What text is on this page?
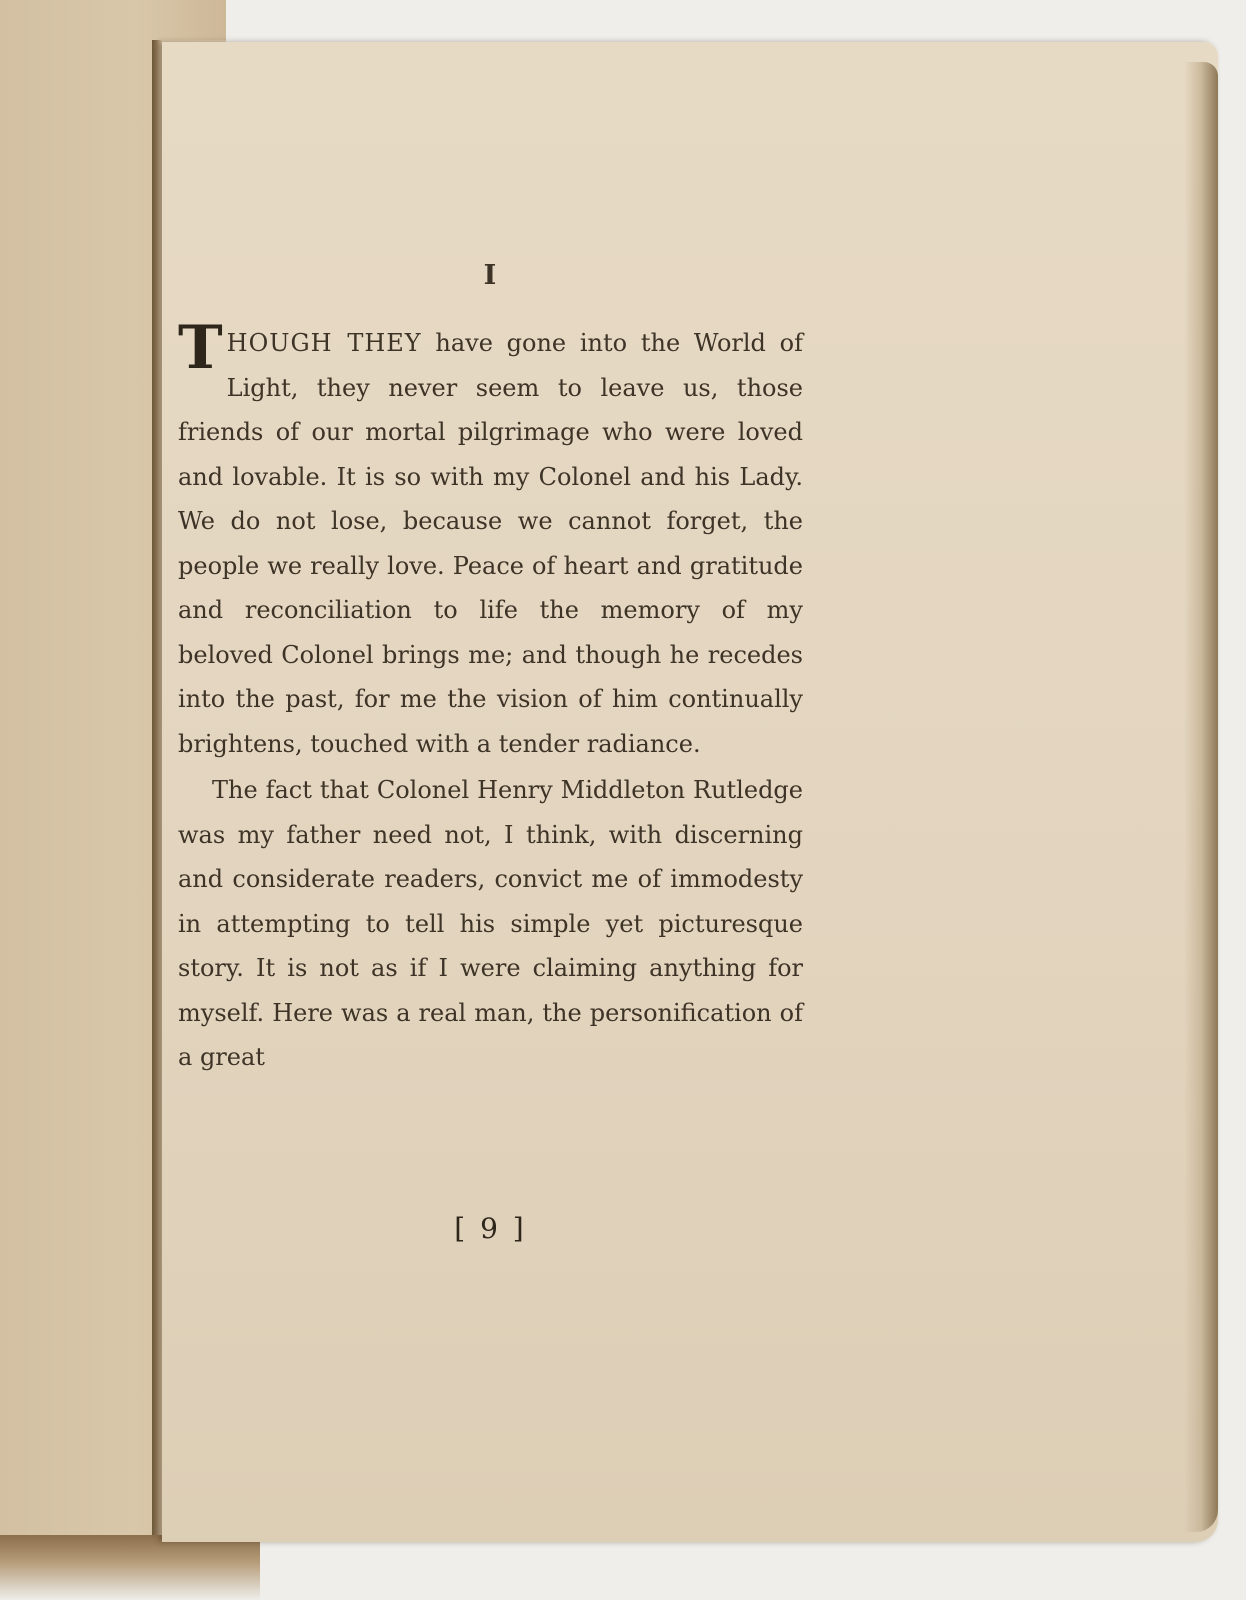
I

THOUGH THEY have gone into the World of Light, they never seem to leave us, those friends of our mortal pilgrimage who were loved and lovable. It is so with my Colonel and his Lady. We do not lose, because we cannot forget, the people we really love. Peace of heart and gratitude and reconciliation to life the memory of my beloved Colonel brings me; and though he recedes into the past, for me the vision of him continually brightens, touched with a tender radiance.

The fact that Colonel Henry Middleton Rutledge was my father need not, I think, with discerning and considerate readers, convict me of immodesty in attempting to tell his simple yet picturesque story. It is not as if I were claiming anything for myself. Here was a real man, the personification of a great

[ 9 ]
